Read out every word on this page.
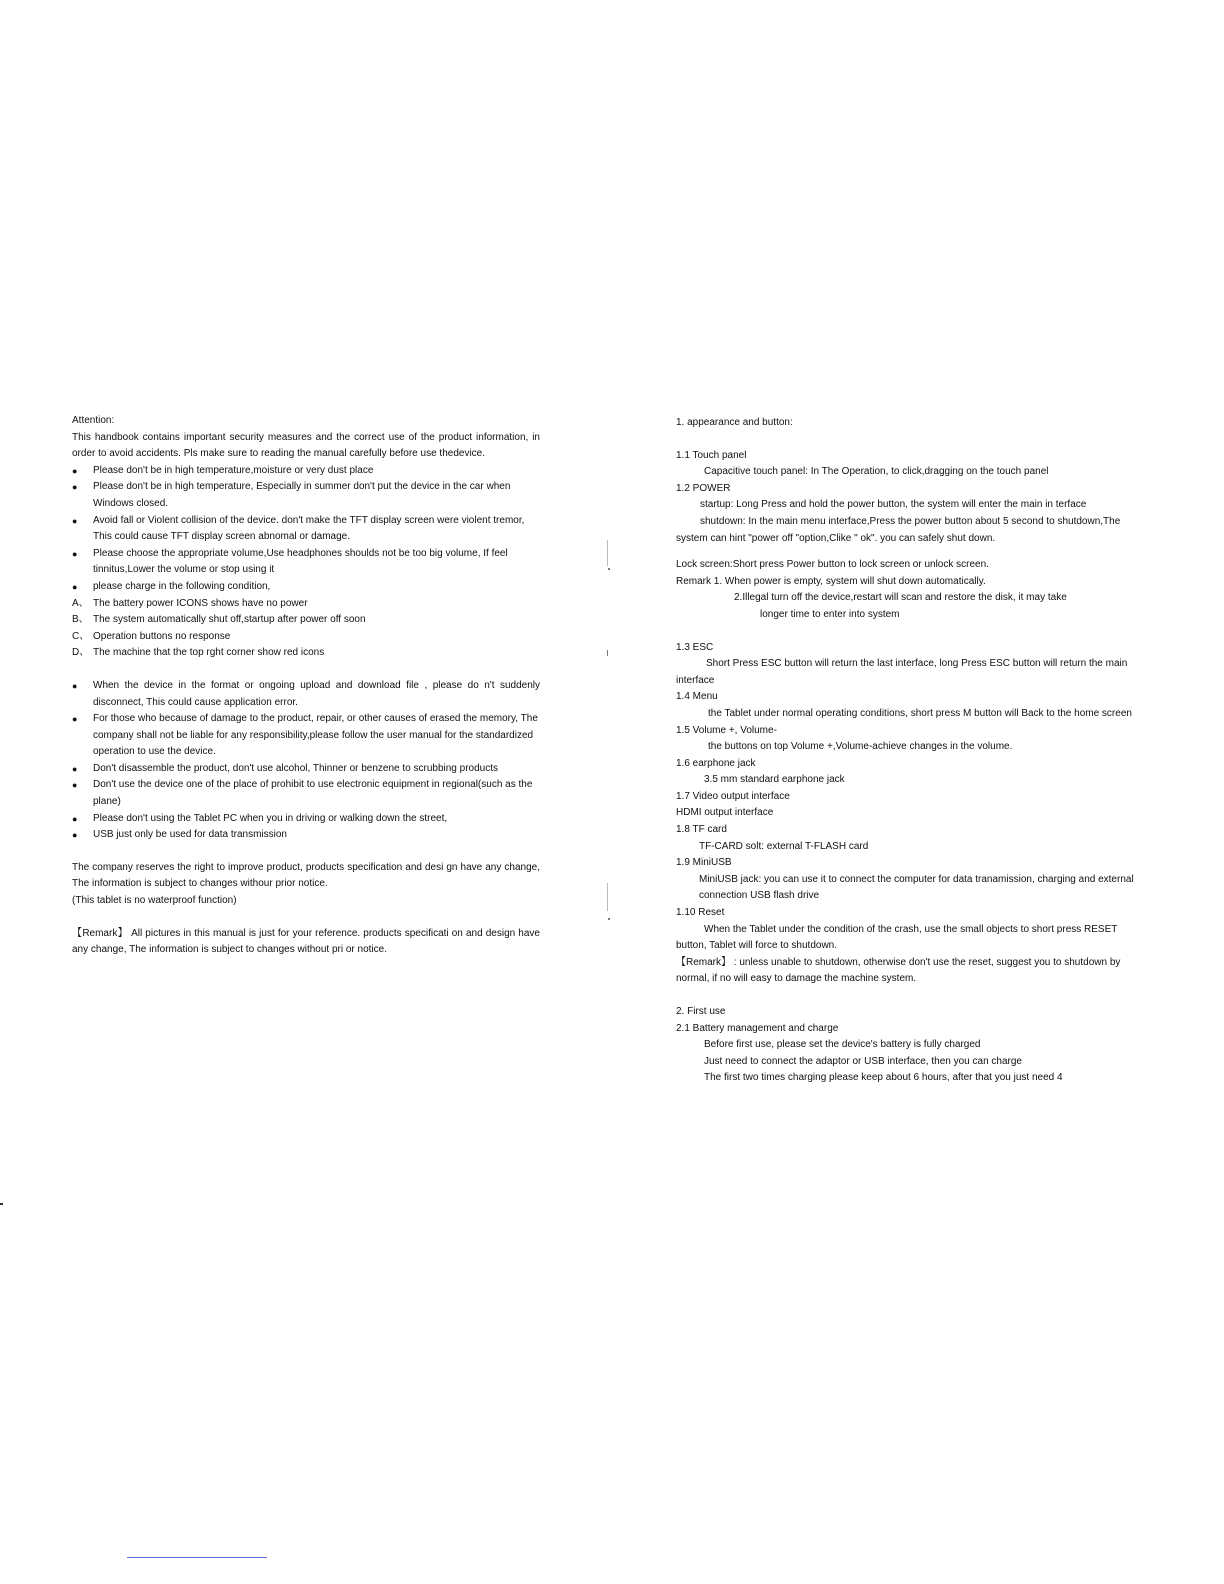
Attention:

This handbook contains important security measures and the correct use of the product information, in order to avoid accidents. Pls make sure to reading the manual carefully before use thedevice.

● Please don't be in high temperature,moisture or very dust place

● Please don't be in high temperature, Especially in summer don't put the device in the car when Windows closed.

● Avoid fall or Violent collision of the device. don't make the TFT display screen were violent tremor, This could cause TFT display screen abnomal or damage.

● Please choose the appropriate volume,Use headphones shoulds not be too big volume, If feel tinnitus,Lower the volume or stop using it

● please charge in the following condition,

A、 The battery power ICONS shows have no power

B、 The system automatically shut off,startup after power off soon

C、 Operation buttons no response

D、 The machine that the top rght corner show red icons

● When the device in the format or ongoing upload and download file , please do n't suddenly disconnect, This could cause application error.

● For those who because of damage to the product, repair, or other causes of erased the memory, The company shall not be liable for any responsibility,please follow the user manual for the standardized operation to use the device.

● Don't disassemble the product, don't use alcohol, Thinner or benzene to scrubbing products

● Don't use the device one of the place of prohibit to use electronic equipment in regional(such as the plane)

● Please don't using the Tablet PC when you in driving or walking down the street,

● USB just only be used for data transmission

The company reserves the right to improve product, products specification and desi gn have any change, The information is subject to changes withour prior notice.

(This tablet is no waterproof function)

【Remark】 All pictures in this manual is just for your reference. products specificati on and design have any change, The information is subject to changes without pri or notice.

1. appearance and button:

1.1 Touch panel

Capacitive touch panel: In The Operation, to click,dragging on the touch panel

1.2 POWER

startup: Long Press and hold the power button, the system will enter the main in terface

shutdown: In the main menu interface,Press the power button about 5 second to shutdown,The system can hint "power off "option,Clike " ok". you can safely shut down.

Lock screen:Short press Power button to lock screen or unlock screen.

Remark 1. When power is empty, system will shut down automatically.

2.Illegal turn off the device,restart will scan and restore the disk, it may take

longer time to enter into system

1.3 ESC

Short Press ESC button will return the last interface, long Press ESC button will return the main interface

1.4 Menu

the Tablet under normal operating conditions, short press M button will Back to the home screen

1.5 Volume +, Volume-

the buttons on top Volume +,Volume-achieve changes in the volume.

1.6 earphone jack

3.5 mm standard earphone jack

1.7 Video output interface

HDMI output interface

1.8 TF card

TF-CARD solt: external T-FLASH card

1.9 MiniUSB

MiniUSB jack: you can use it to connect the computer for data tranamission, charging and external connection USB flash drive

1.10 Reset

When the Tablet under the condition of the crash, use the small objects to short press RESET button, Tablet will force to shutdown.

【Remark】 : unless unable to shutdown, otherwise don't use the reset, suggest you to shutdown by normal, if no will easy to damage the machine system.

2. First use

2.1 Battery management and charge

Before first use, please set the device's battery is fully charged

Just need to connect the adaptor or USB interface, then you can charge

The first two times charging please keep about 6 hours, after that you just need 4
